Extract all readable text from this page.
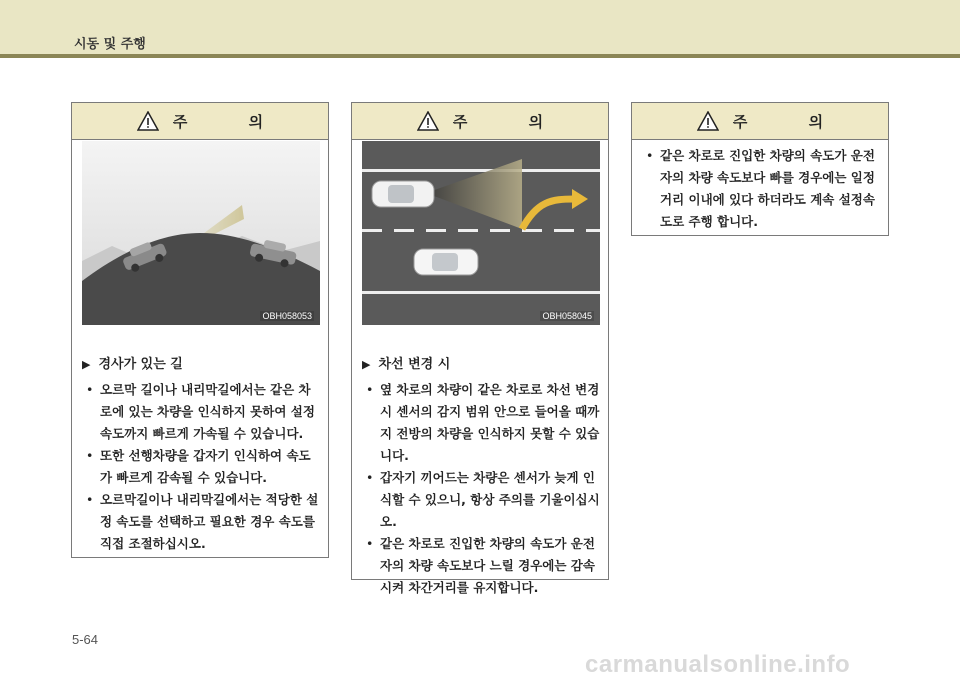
시동 및 주행
주 의
OBH058053
▶ 경사가 있는 길
• 오르막 길이나 내리막길에서는 같은 차로에 있는 차량을 인식하지 못하여 설정 속도까지 빠르게 가속될 수 있습니다.
• 또한 선행차량을 갑자기 인식하여 속도가 빠르게 감속될 수 있습니다.
• 오르막길이나 내리막길에서는 적당한 설정 속도를 선택하고 필요한 경우 속도를 직접 조절하십시오.
주 의
OBH058045
▶ 차선 변경 시
• 옆 차로의 차량이 같은 차로로 차선 변경 시 센서의 감지 범위 안으로 들어올 때까지 전방의 차량을 인식하지 못할 수 있습니다.
• 갑자기 끼어드는 차량은 센서가 늦게 인식할 수 있으니, 항상 주의를 기울이십시오.
• 같은 차로로 진입한 차량의 속도가 운전자의 차량 속도보다 느릴 경우에는 감속시켜 차간거리를 유지합니다.
주 의
• 같은 차로로 진입한 차량의 속도가 운전자의 차량 속도보다 빠를 경우에는 일정 거리 이내에 있다 하더라도 계속 설정속도로 주행 합니다.
5-64
carmanualsonline.info
